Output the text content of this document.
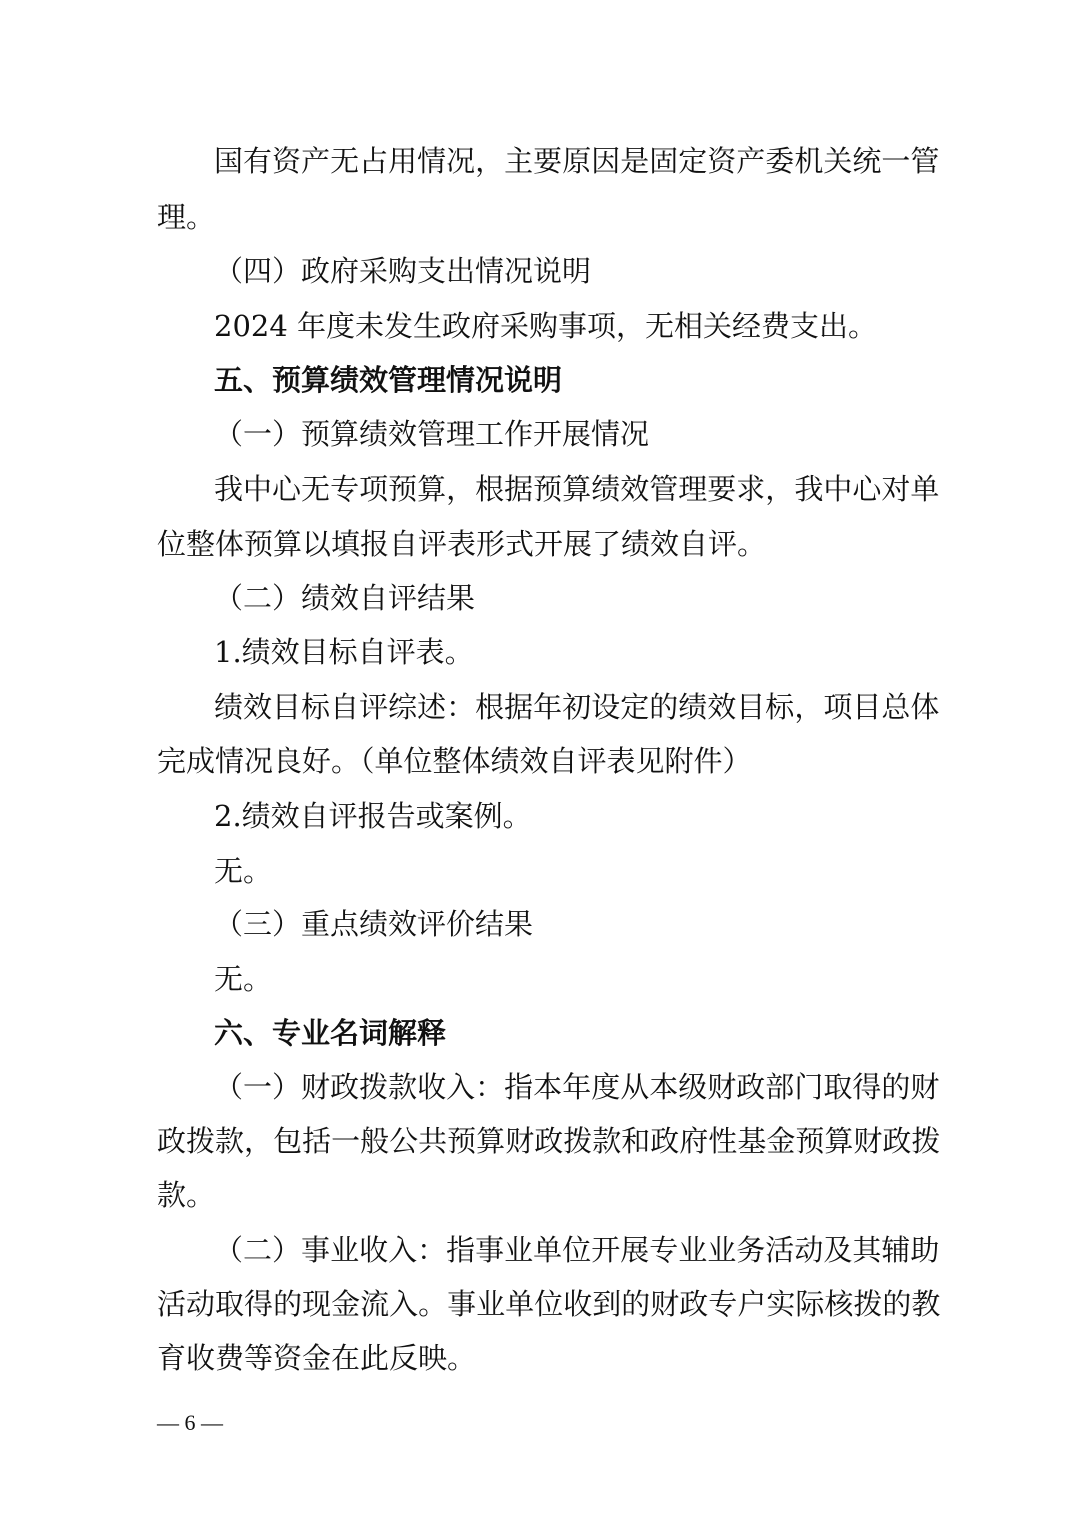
国 有 资 产 无 占 用 情 况 ， 主 要 原 因 是 固 定 资 产 委 机 关 统 一 管
理。
（四）政府采购支出情况说明
2024 年度未发生政府采购事项，无相关经费支出。
五、预算绩效管理情况说明
（一）预算绩效管理工作开展情况
我 中 心 无 专 项 预 算 ， 根 据 预 算 绩 效 管 理 要 求 ， 我 中 心 对 单
位整体预算以填报自评表形式开展了绩效自评。
（二）绩效自评结果
1.绩效目标自评表。
绩 效 目 标 自 评 综 述 ： 根 据 年 初 设 定 的 绩 效 目 标 ， 项 目 总 体
完成情况良好。（单位整体绩效自评表见附件）
2.绩效自评报告或案例。
无。
（三）重点绩效评价结果
无。
六、专业名词解释
（ 一 ） 财 政 拨 款 收 入 ： 指 本 年 度 从 本 级 财 政 部 门 取 得 的 财
政 拨 款 ， 包 括 一 般 公 共 预 算 财 政 拨 款 和 政 府 性 基 金 预 算 财 政 拨
款。
（ 二 ） 事 业 收 入 ： 指 事 业 单 位 开 展 专 业 业 务 活 动 及 其 辅 助
活 动 取 得 的 现 金 流 入 。 事 业 单 位 收 到 的 财 政 专 户 实 际 核 拨 的 教
育收费等资金在此反映。
— 6 —
